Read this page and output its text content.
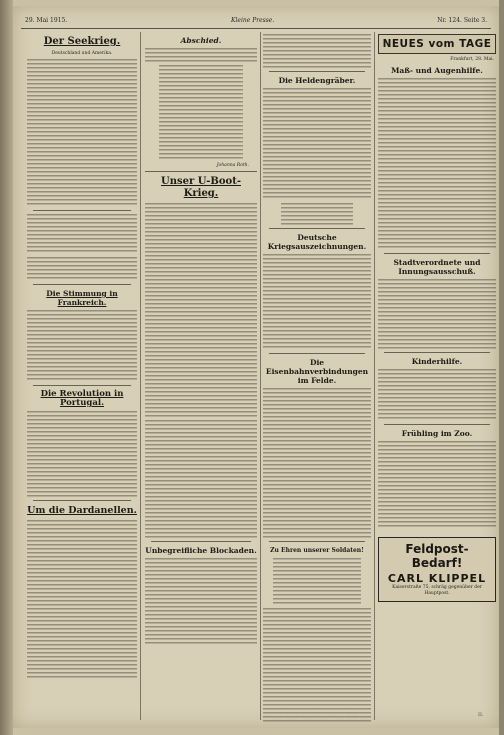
29. Mai 1915.	Kleine Presse.	Nr. 124. Seite 3.
Der Seekrieg.
Deutschland und Amerika.
Die Stimmung in Frankreich.
Die Revolution in Portugal.
Um die Dardanellen.
Abschied.
Johanna Roth.
Unser U-Boot-Krieg.
Unbegreifliche Blockaden.
Die Heldengräber.
Deutsche Kriegsauszeichnungen.
Die Eisenbahnverbindungen im Felde.
Zu Ehren unserer Soldaten!
NEUES vom TAGE
Frankfurt, 28. Mai.
Maß- und Augenhilfe.
Stadtverordnete und Innungsausschuß.
Kinderhilfe.
Frühling im Zoo.
Feldpost-Bedarf!
CARL KLIPPEL
Kaiserstraße 75, schräg gegenüber der Hauptpost.
II.
